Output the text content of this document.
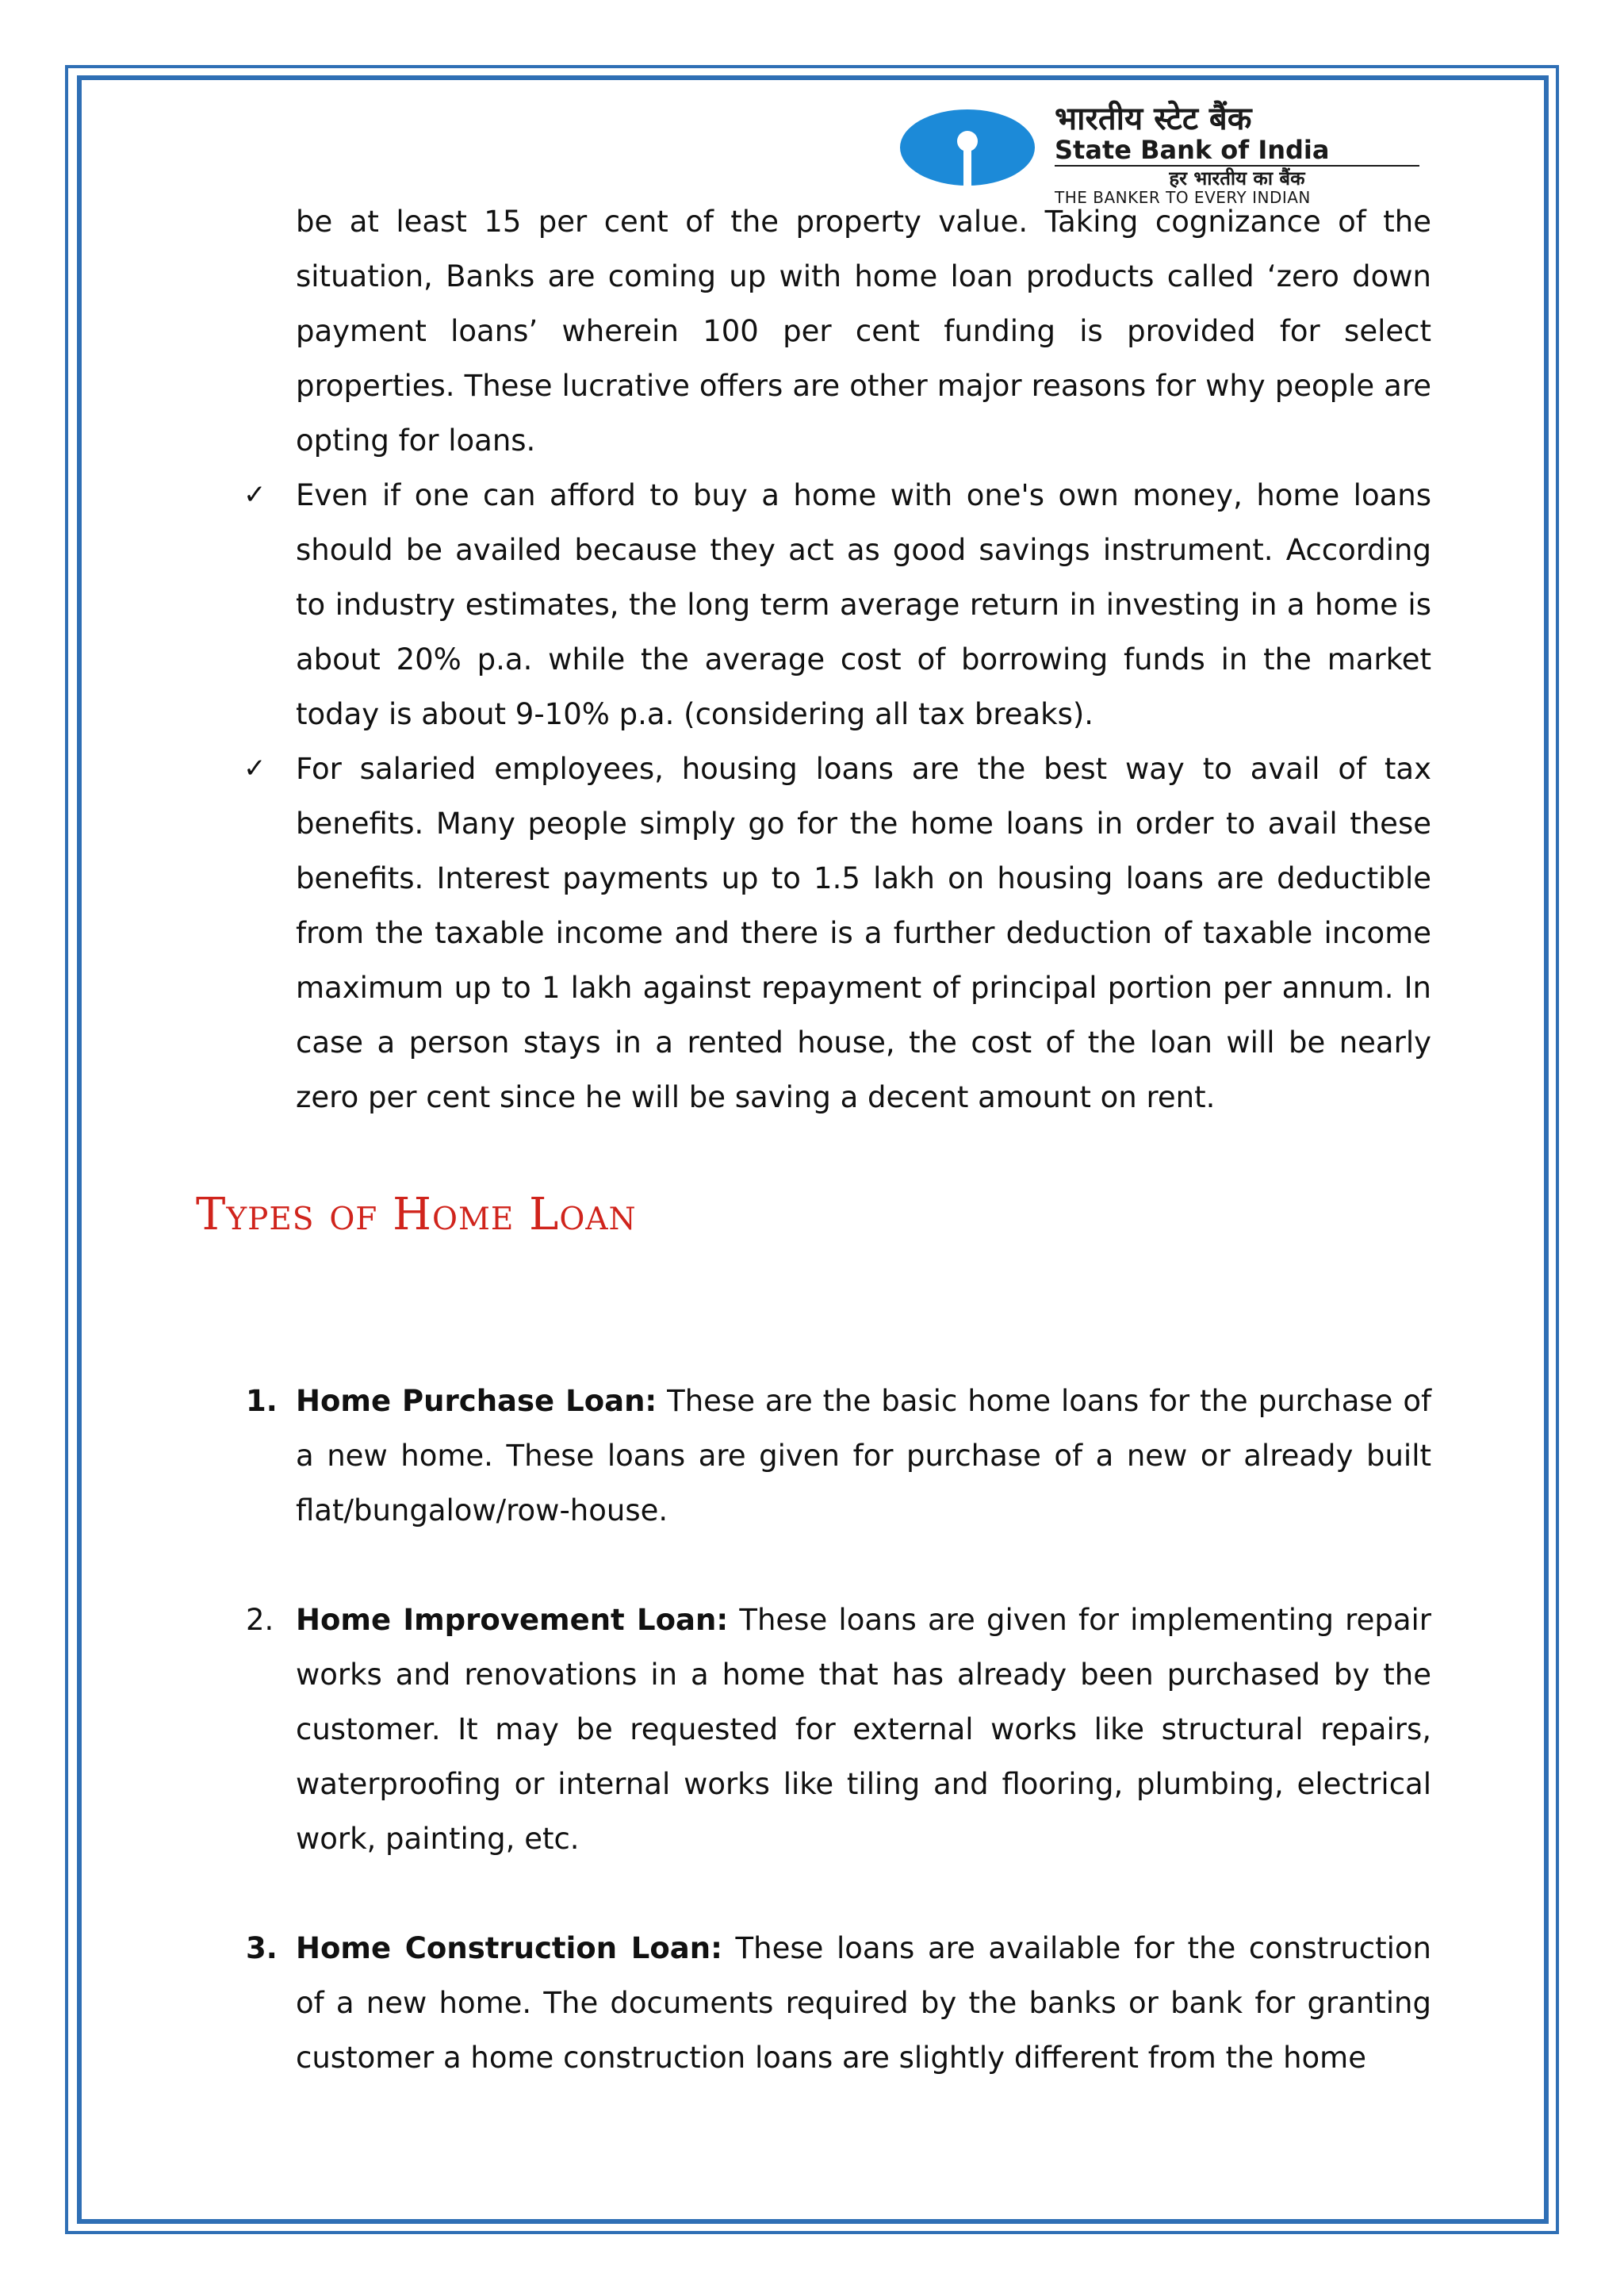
भारतीय स्टेट बैंक
State Bank of India
हर भारतीय का बैंक
THE BANKER TO EVERY INDIAN
be at least 15 per cent of the property value. Taking cognizance of the situation, Banks are coming up with home loan products called ‘zero down payment loans’ wherein 100 per cent funding is provided for select properties. These lucrative offers are other major reasons for why people are opting for loans.
✓ Even if one can afford to buy a home with one's own money, home loans should be availed because they act as good savings instrument. According to industry estimates, the long term average return in investing in a home is about 20% p.a. while the average cost of borrowing funds in the market today is about 9-10% p.a. (considering all tax breaks).
✓ For salaried employees, housing loans are the best way to avail of tax benefits. Many people simply go for the home loans in order to avail these benefits. Interest payments up to 1.5 lakh on housing loans are deductible from the taxable income and there is a further deduction of taxable income maximum up to 1 lakh against repayment of principal portion per annum. In case a person stays in a rented house, the cost of the loan will be nearly zero per cent since he will be saving a decent amount on rent.
Types of Home Loan
1. Home Purchase Loan: These are the basic home loans for the purchase of a new home. These loans are given for purchase of a new or already built flat/bungalow/row-house.
2. Home Improvement Loan: These loans are given for implementing repair works and renovations in a home that has already been purchased by the customer. It may be requested for external works like structural repairs, waterproofing or internal works like tiling and flooring, plumbing, electrical work, painting, etc.
3. Home Construction Loan: These loans are available for the construction of a new home. The documents required by the banks or bank for granting customer a home construction loans are slightly different from the home
